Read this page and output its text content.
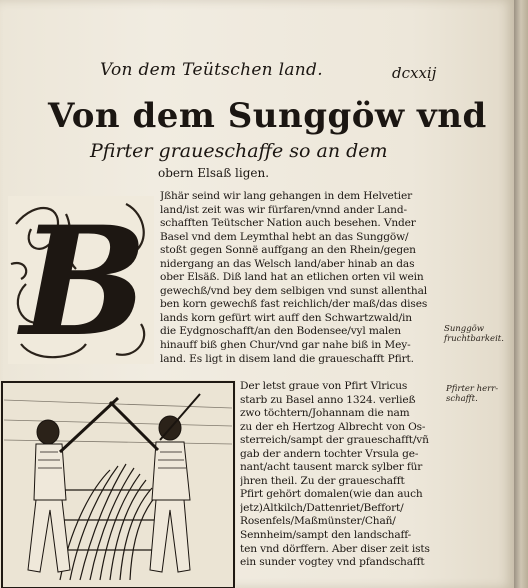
Von dem Teütschen land.	dcxxij
Von dem Sunggöw vnd
Pfirter graueschaffe so an dem
obern Elsaß ligen.
B Jßhär seind wir lang gehangen in dem Helvetier
land/ist zeit was wir fürfaren/vnnd ander Land-
schafften Teütscher Nation auch besehen. Vnder
Basel vnd dem Leymthal hebt an das Sunggöw/
stoßt gegen Sonnë auffgang an den Rhein/gegen
nidergang an das Welsch land/aber hinab an das
ober Elsäß. Diß land hat an etlichen orten vil wein
gewechß/vnd bey dem selbigen vnd sunst allenthal
ben korn gewechß fast reichlich/der maß/das dises
lands korn gefürt wirt auff den Schwartzwald/in
die Eydgnoschafft/an den Bodensee/vyl malen
hinauff biß ghen Chur/vnd gar nahe biß in Mey-
land. Es ligt in disem land die graueschafft Pfirt.
Sunggöw
fruchtbarkeit.
Der letst graue von Pfirt Vlricus
starb zu Basel anno 1324. verließ
zwo töchtern/Johannam die nam
zu der eh Hertzog Albrecht von Os-
sterreich/sampt der graueschafft/vñ
gab der andern tochter Vrsula ge-
nant/acht tausent marck sylber für
jhren theil. Zu der graueschafft
Pfirt gehört domalen(wie dan auch
jetz)Altkilch/Dattenriet/Beffort/
Rosenfels/Maßmünster/Chañ/
Sennheim/sampt den landschaff-
ten vnd dörffern. Aber diser zeit ists
ein sunder vogtey vnd pfandschafft
Pfirter herr-
schafft.
